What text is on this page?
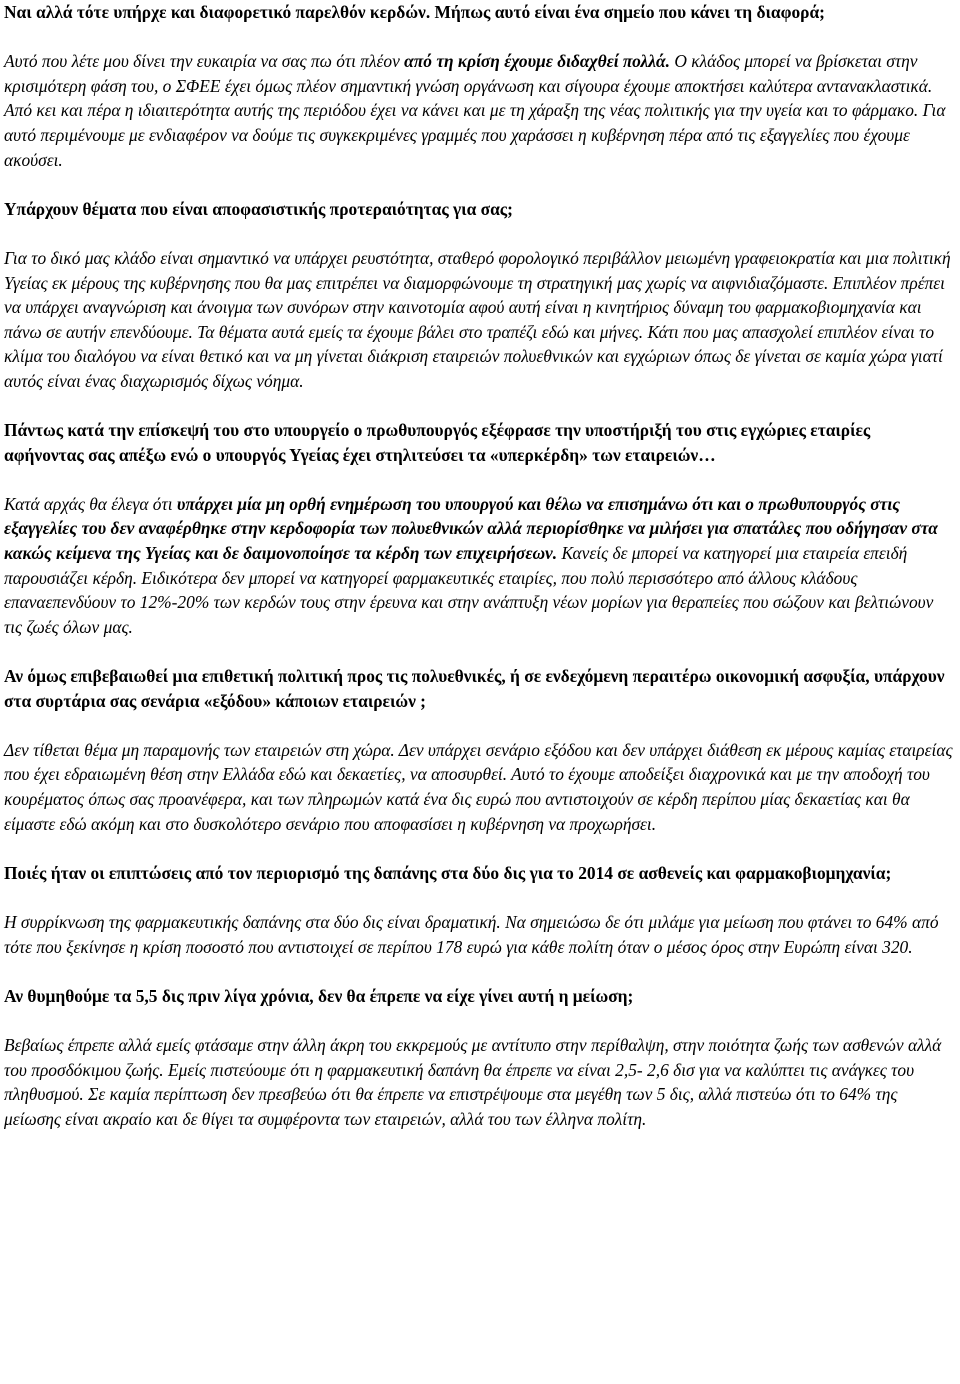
Ναι αλλά τότε υπήρχε και διαφορετικό παρελθόν κερδών. Μήπως αυτό είναι ένα σημείο που κάνει τη διαφορά;

Αυτό που λέτε μου δίνει την ευκαιρία να σας πω ότι πλέον από τη κρίση έχουμε διδαχθεί πολλά. Ο κλάδος μπορεί να βρίσκεται στην κρισιμότερη φάση του, ο ΣΦΕΕ έχει όμως πλέον σημαντική γνώση οργάνωση και σίγουρα έχουμε αποκτήσει καλύτερα αντανακλαστικά. Από κει και πέρα η ιδιαιτερότητα αυτής της περιόδου έχει να κάνει και με τη χάραξη της νέας πολιτικής για την υγεία και το φάρμακο. Για αυτό περιμένουμε με ενδιαφέρον να δούμε τις συγκεκριμένες γραμμές που χαράσσει η κυβέρνηση πέρα από τις εξαγγελίες που έχουμε ακούσει.

Υπάρχουν θέματα που είναι αποφασιστικής προτεραιότητας για σας;

Για το δικό μας κλάδο είναι σημαντικό να υπάρχει ρευστότητα, σταθερό φορολογικό περιβάλλον μειωμένη γραφειοκρατία και μια πολιτική Υγείας εκ μέρους της κυβέρνησης που θα μας επιτρέπει να διαμορφώνουμε τη στρατηγική μας χωρίς να αιφνιδιαζόμαστε. Επιπλέον πρέπει να υπάρχει αναγνώριση και άνοιγμα των συνόρων στην καινοτομία αφού αυτή είναι η κινητήριος δύναμη του φαρμακοβιομηχανία και πάνω σε αυτήν επενδύουμε. Τα θέματα αυτά εμείς τα έχουμε βάλει στο τραπέζι εδώ και μήνες. Κάτι που μας απασχολεί επιπλέον είναι το κλίμα του διαλόγου να είναι θετικό και να μη γίνεται διάκριση εταιρειών πολυεθνικών και εγχώριων όπως δε γίνεται σε καμία χώρα γιατί αυτός είναι ένας διαχωρισμός δίχως νόημα.

Πάντως κατά την επίσκεψή του στο υπουργείο ο πρωθυπουργός εξέφρασε την υποστήριξή του στις εγχώριες εταιρίες αφήνοντας σας απέξω ενώ ο υπουργός Υγείας έχει στηλιτεύσει τα «υπερκέρδη» των εταιρειών…

Κατά αρχάς θα έλεγα ότι υπάρχει μία μη ορθή ενημέρωση του υπουργού και θέλω να επισημάνω ότι και ο πρωθυπουργός στις εξαγγελίες του δεν αναφέρθηκε στην κερδοφορία των πολυεθνικών αλλά περιορίσθηκε να μιλήσει για σπατάλες που οδήγησαν στα κακώς κείμενα της Υγείας και δε δαιμονοποίησε τα κέρδη των επιχειρήσεων. Κανείς δε μπορεί να κατηγορεί μια εταιρεία επειδή παρουσιάζει κέρδη. Ειδικότερα δεν μπορεί να κατηγορεί φαρμακευτικές εταιρίες, που πολύ περισσότερο από άλλους κλάδους επαναεπενδύουν το 12%-20% των κερδών τους στην έρευνα και στην ανάπτυξη νέων μορίων για θεραπείες που σώζουν και βελτιώνουν τις ζωές όλων μας.

Αν όμως επιβεβαιωθεί μια επιθετική πολιτική προς τις πολυεθνικές, ή σε ενδεχόμενη περαιτέρω οικονομική ασφυξία, υπάρχουν στα συρτάρια σας σενάρια «εξόδου» κάποιων εταιρειών ;

Δεν τίθεται θέμα μη παραμονής των εταιρειών στη χώρα. Δεν υπάρχει σενάριο εξόδου και δεν υπάρχει διάθεση εκ μέρους καμίας εταιρείας που έχει εδραιωμένη θέση στην Ελλάδα εδώ και δεκαετίες, να αποσυρθεί. Αυτό το έχουμε αποδείξει διαχρονικά και με την αποδοχή του κουρέματος όπως σας προανέφερα, και των πληρωμών κατά ένα δις ευρώ που αντιστοιχούν σε κέρδη περίπου μίας δεκαετίας και θα είμαστε εδώ ακόμη και στο δυσκολότερο σενάριο που αποφασίσει η κυβέρνηση να προχωρήσει.

Ποιές ήταν οι επιπτώσεις από τον περιορισμό της δαπάνης στα δύο δις για το 2014 σε ασθενείς και φαρμακοβιομηχανία;

Η συρρίκνωση της φαρμακευτικής δαπάνης στα δύο δις είναι δραματική. Να σημειώσω δε ότι μιλάμε για μείωση που φτάνει το 64% από τότε που ξεκίνησε η κρίση ποσοστό που αντιστοιχεί σε περίπου 178 ευρώ για κάθε πολίτη όταν ο μέσος όρος στην Ευρώπη είναι 320.

Αν θυμηθούμε τα 5,5 δις πριν λίγα χρόνια, δεν θα έπρεπε να είχε γίνει αυτή η μείωση;

Βεβαίως έπρεπε αλλά εμείς φτάσαμε στην άλλη άκρη του εκκρεμούς με αντίτυπο στην περίθαλψη, στην ποιότητα ζωής των ασθενών αλλά του προσδόκιμου ζωής. Εμείς πιστεύουμε ότι η φαρμακευτική δαπάνη θα έπρεπε να είναι 2,5- 2,6 δισ για να καλύπτει τις ανάγκες του πληθυσμού. Σε καμία περίπτωση δεν πρεσβεύω ότι θα έπρεπε να επιστρέψουμε στα μεγέθη των 5 δις, αλλά πιστεύω ότι το 64% της μείωσης είναι ακραίο και δε θίγει τα συμφέροντα των εταιρειών, αλλά του των έλληνα πολίτη.
